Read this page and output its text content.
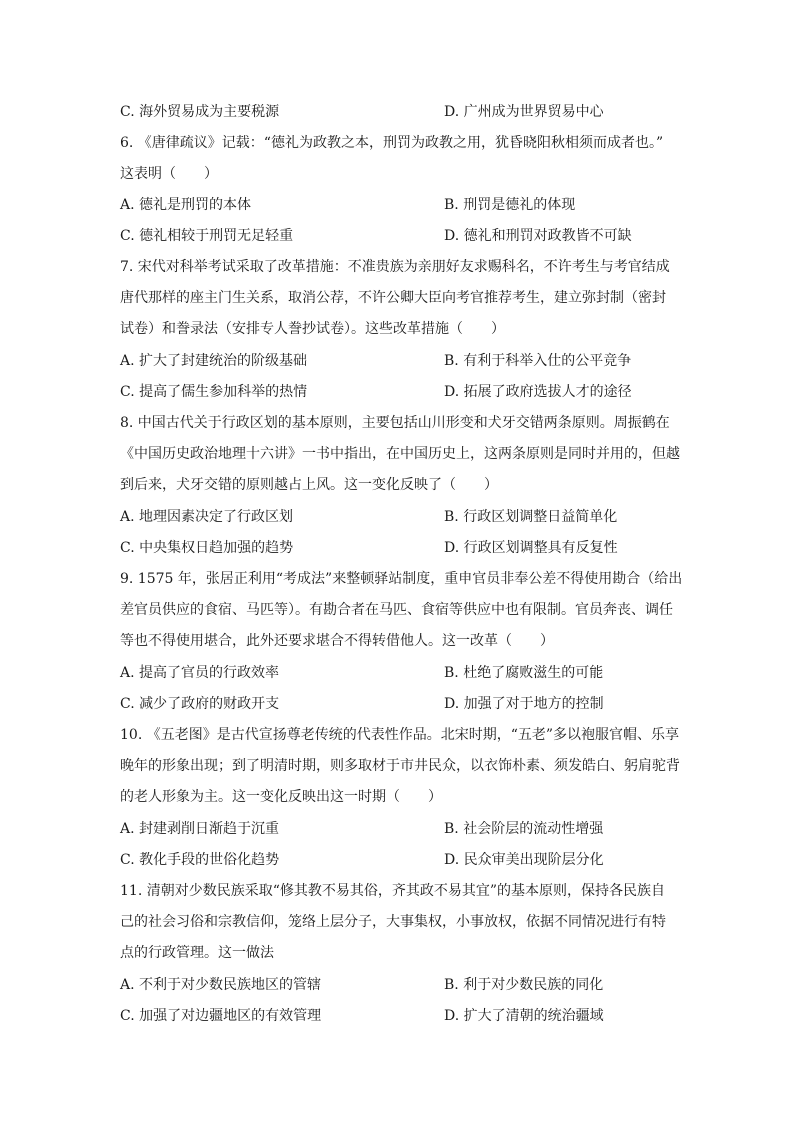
C. 海外贸易成为主要税源	D. 广州成为世界贸易中心
6. 《唐律疏议》记载：“德礼为政教之本，刑罚为政教之用，犹昏晓阳秋相须而成者也。”
这表明（　　）
A. 德礼是刑罚的本体	B. 刑罚是德礼的体现
C. 德礼相较于刑罚无足轻重	D. 德礼和刑罚对政教皆不可缺
7. 宋代对科举考试采取了改革措施：不准贵族为亲朋好友求赐科名，不许考生与考官结成
唐代那样的座主门生关系，取消公荐，不许公卿大臣向考官推荐考生，建立弥封制（密封
试卷）和誊录法（安排专人誊抄试卷）。这些改革措施（　　）
A. 扩大了封建统治的阶级基础	B. 有利于科举入仕的公平竞争
C. 提高了儒生参加科举的热情	D. 拓展了政府选拔人才的途径
8. 中国古代关于行政区划的基本原则，主要包括山川形变和犬牙交错两条原则。周振鹤在
《中国历史政治地理十六讲》一书中指出，在中国历史上，这两条原则是同时并用的，但越
到后来，犬牙交错的原则越占上风。这一变化反映了（　　）
A. 地理因素决定了行政区划	B. 行政区划调整日益简单化
C. 中央集权日趋加强的趋势	D. 行政区划调整具有反复性
9. 1575 年，张居正利用“考成法”来整顿驿站制度，重申官员非奉公差不得使用勘合（给出
差官员供应的食宿、马匹等）。有勘合者在马匹、食宿等供应中也有限制。官员奔丧、调任
等也不得使用堪合，此外还要求堪合不得转借他人。这一改革（　　）
A. 提高了官员的行政效率	B. 杜绝了腐败滋生的可能
C. 减少了政府的财政开支	D. 加强了对于地方的控制
10. 《五老图》是古代宣扬尊老传统的代表性作品。北宋时期，“五老”多以袍服官帽、乐享
晚年的形象出现；到了明清时期，则多取材于市井民众，以衣饰朴素、须发皓白、躬肩驼背
的老人形象为主。这一变化反映出这一时期（　　）
A. 封建剥削日渐趋于沉重	B. 社会阶层的流动性增强
C. 教化手段的世俗化趋势	D. 民众审美出现阶层分化
11. 清朝对少数民族采取“修其教不易其俗，齐其政不易其宜”的基本原则，保持各民族自
己的社会习俗和宗教信仰，笼络上层分子，大事集权，小事放权，依据不同情况进行有特
点的行政管理。这一做法
A. 不利于对少数民族地区的管辖	B. 利于对少数民族的同化
C. 加强了对边疆地区的有效管理	D. 扩大了清朝的统治疆域
